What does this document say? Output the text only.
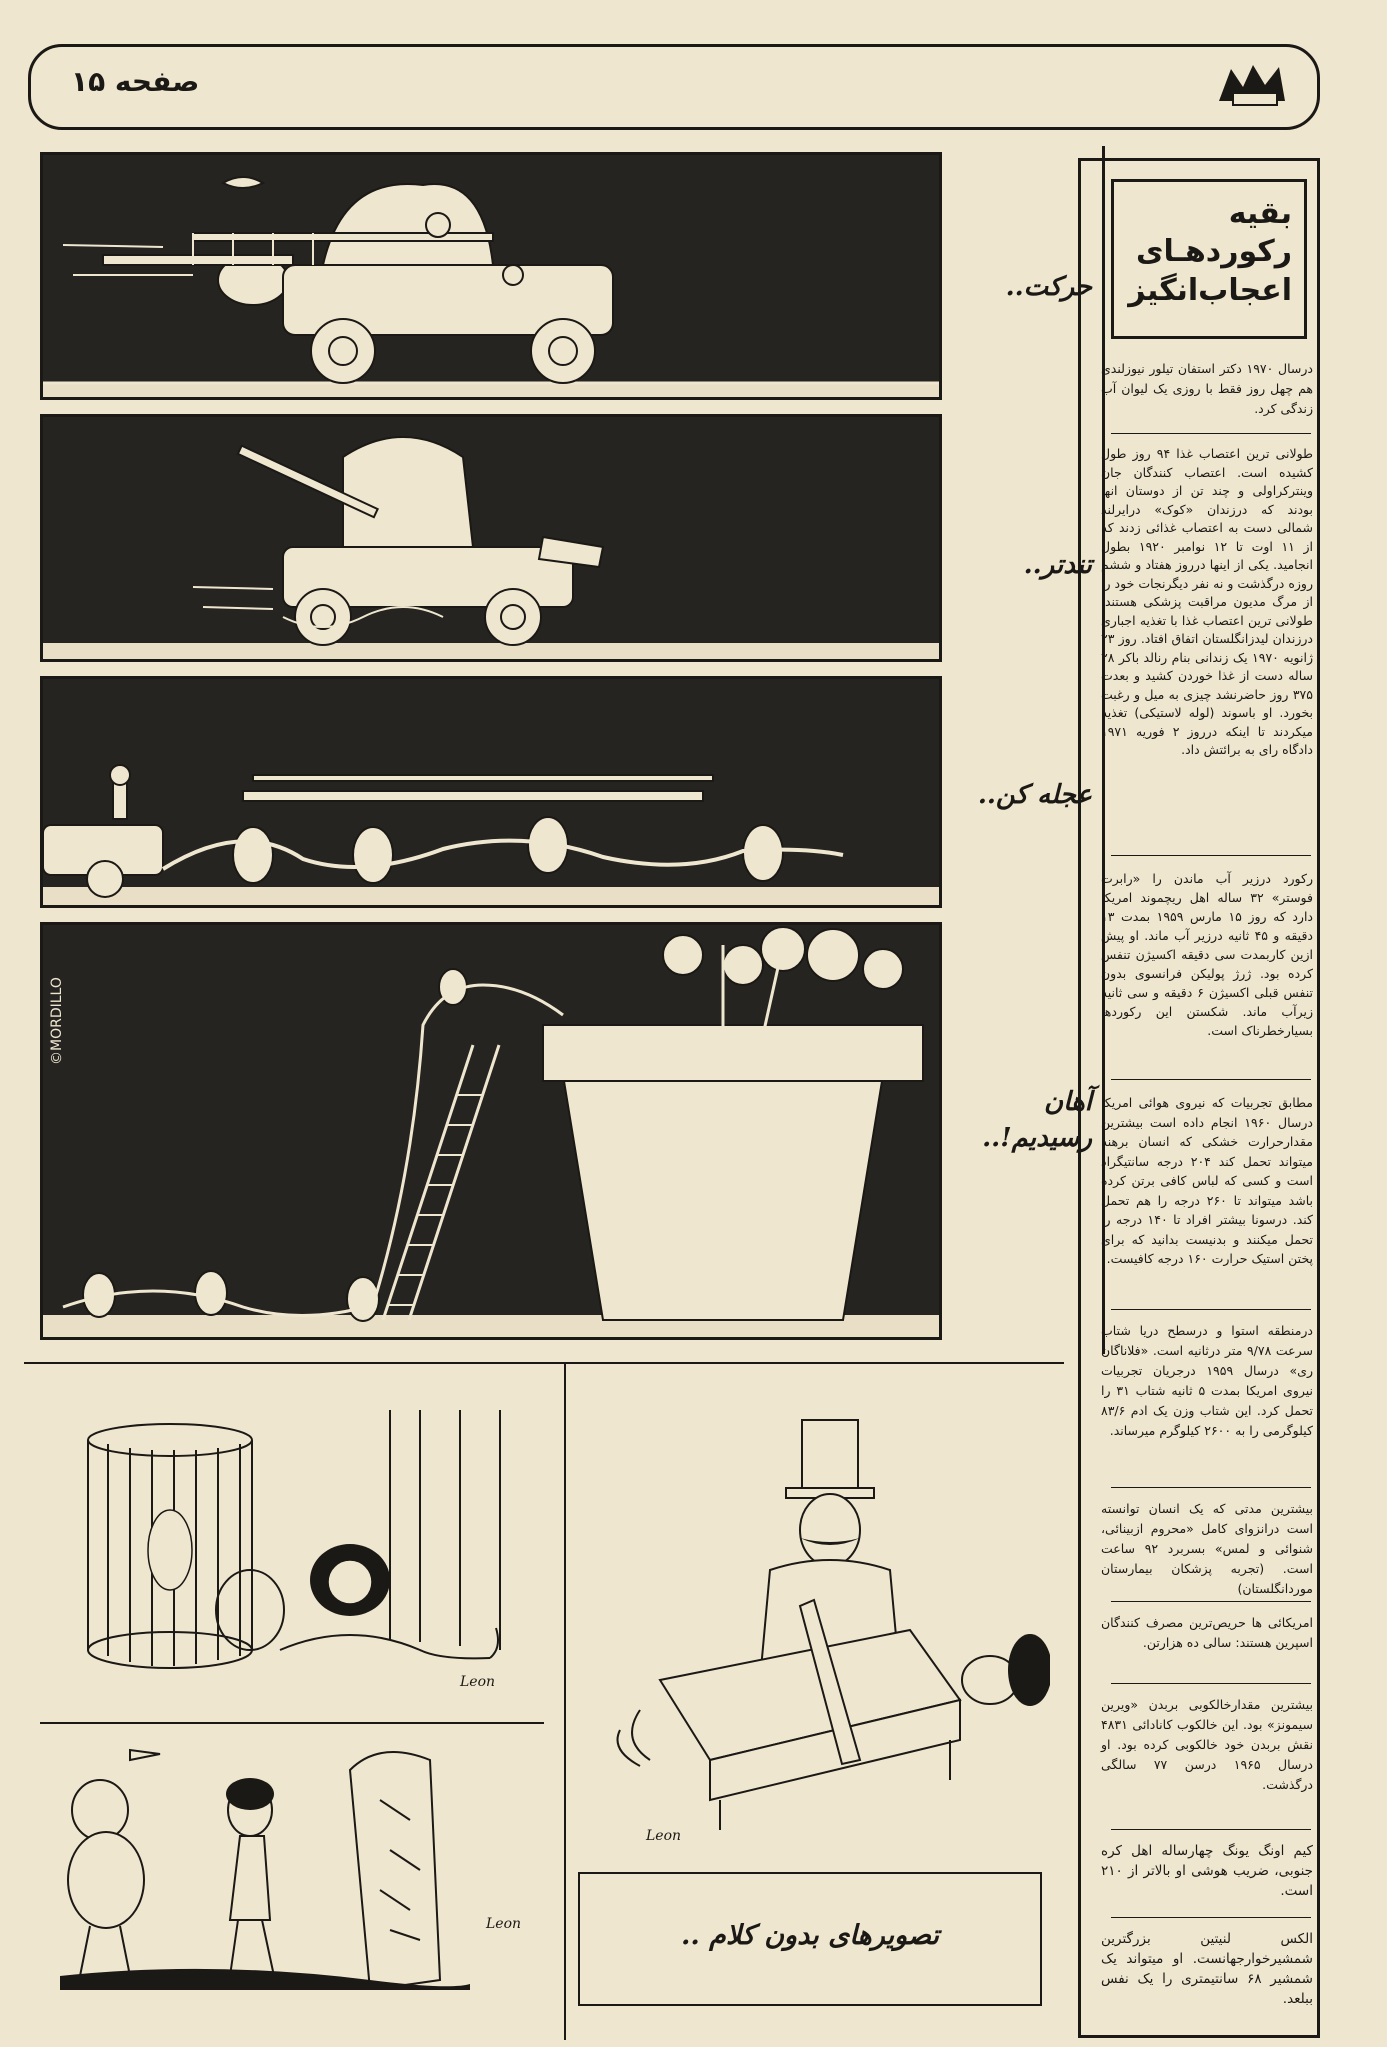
صفحه ۱۵
بقیه
رکوردهـای
اعجاب‌انگیز
درسال ۱۹۷۰ دکتر استفان تیلور نیوزلندی هم چهل روز فقط با روزی یک لیوان آب زندگی کرد.
طولانی ترین اعتصاب غذا ۹۴ روز طول کشیده است. اعتصاب کنندگان جان وینترکراولی و چند تن از دوستان انها بودند که درزندان «کوک» درایرلند شمالی دست به اعتصاب غذائی زدند که از ۱۱ اوت تا ۱۲ نوامبر ۱۹۲۰ بطول انجامید. یکی از اینها درروز هفتاد و ششم روزه درگذشت و نه نفر دیگرنجات خود را از مرگ مدیون مراقبت پزشکی هستند. طولانی ترین اعتصاب غذا با تغذیه اجباری درزندان لیدزانگلستان اتفاق افتاد. روز ۲۳ ژانویه ۱۹۷۰ یک زندانی بنام رنالد باکر ۲۸ ساله دست از غذا خوردن کشید و بعدت ۳۷۵ روز حاضرنشد چیزی به میل و رغبت بخورد. او باسوند (لوله لاستیکی) تغذیه میکردند تا اینکه درروز ۲ فوریه ۱۹۷۱ دادگاه رای به برائتش داد.
رکورد درزیر آب ماندن را «رابرت فوستر» ۳۲ ساله اهل ریچموند امریکا دارد که روز ۱۵ مارس ۱۹۵۹ بمدت ۱۳ دقیقه و ۴۵ ثانیه درزیر آب ماند. او پیش ازین کاربمدت سی دقیقه اکسیژن تنفس کرده بود. ژرژ پولیکن فرانسوی بدون تنفس قبلی اکسیژن ۶ دقیقه و سی ثانیه زیرآب ماند. شکستن این رکوردها بسیارخطرناک است.
مطابق تجربیات که نیروی هوائی امریکا درسال ۱۹۶۰ انجام داده است بیشترین مقدارحرارت خشکی که انسان برهنه میتواند تحمل کند ۲۰۴ درجه سانتیگراد است و کسی که لباس کافی برتن کرده باشد میتواند تا ۲۶۰ درجه را هم تحمل کند. درسونا بیشتر افراد تا ۱۴۰ درجه را تحمل میکنند و بدنیست بدانید که برای پختن استیک حرارت ۱۶۰ درجه کافیست.
درمنطقه استوا و درسطح دریا شتاب سرعت ۹/۷۸ متر درثانیه است. «فلاناگان ری» درسال ۱۹۵۹ درجریان تجربیات نیروی امریکا بمدت ۵ ثانیه شتاب ۳۱ را تحمل کرد. این شتاب وزن یک ادم ۸۳/۶ کیلوگرمی را به ۲۶۰۰ کیلوگرم میرساند.
بیشترین مدتی که یک انسان توانسته است درانزوای کامل «محروم ازبینائی، شنوائی و لمس» بسربرد ۹۲ ساعت است. (تجربه پزشکان بیمارستان موردانگلستان)
امریکائی ها حریص‌ترین مصرف کنندگان اسپرین هستند: سالی ده هزارتن.
بیشترین مقدارخالکوبی بربدن «ویرین سیمونز» بود. این خالکوب کانادائی ۴۸۳۱ نقش بربدن خود خالکوبی کرده بود. او درسال ۱۹۶۵ درسن ۷۷ سالگی درگذشت.
کیم اونگ یونگ چهارساله اهل کره جنوبی، ضریب هوشی او بالاتر از ۲۱۰ است.
الکس لنیتین بزرگترین شمشیرخوارجهانست. او میتواند یک شمشیر ۶۸ سانتیمتری را یک نفس ببلعد.
©MORDILLO
حرکت..
تندتر..
عجله کن..
آهان رسیدیم!..
Leon
Leon
Leon
تصویرهای بدون کلام ..
